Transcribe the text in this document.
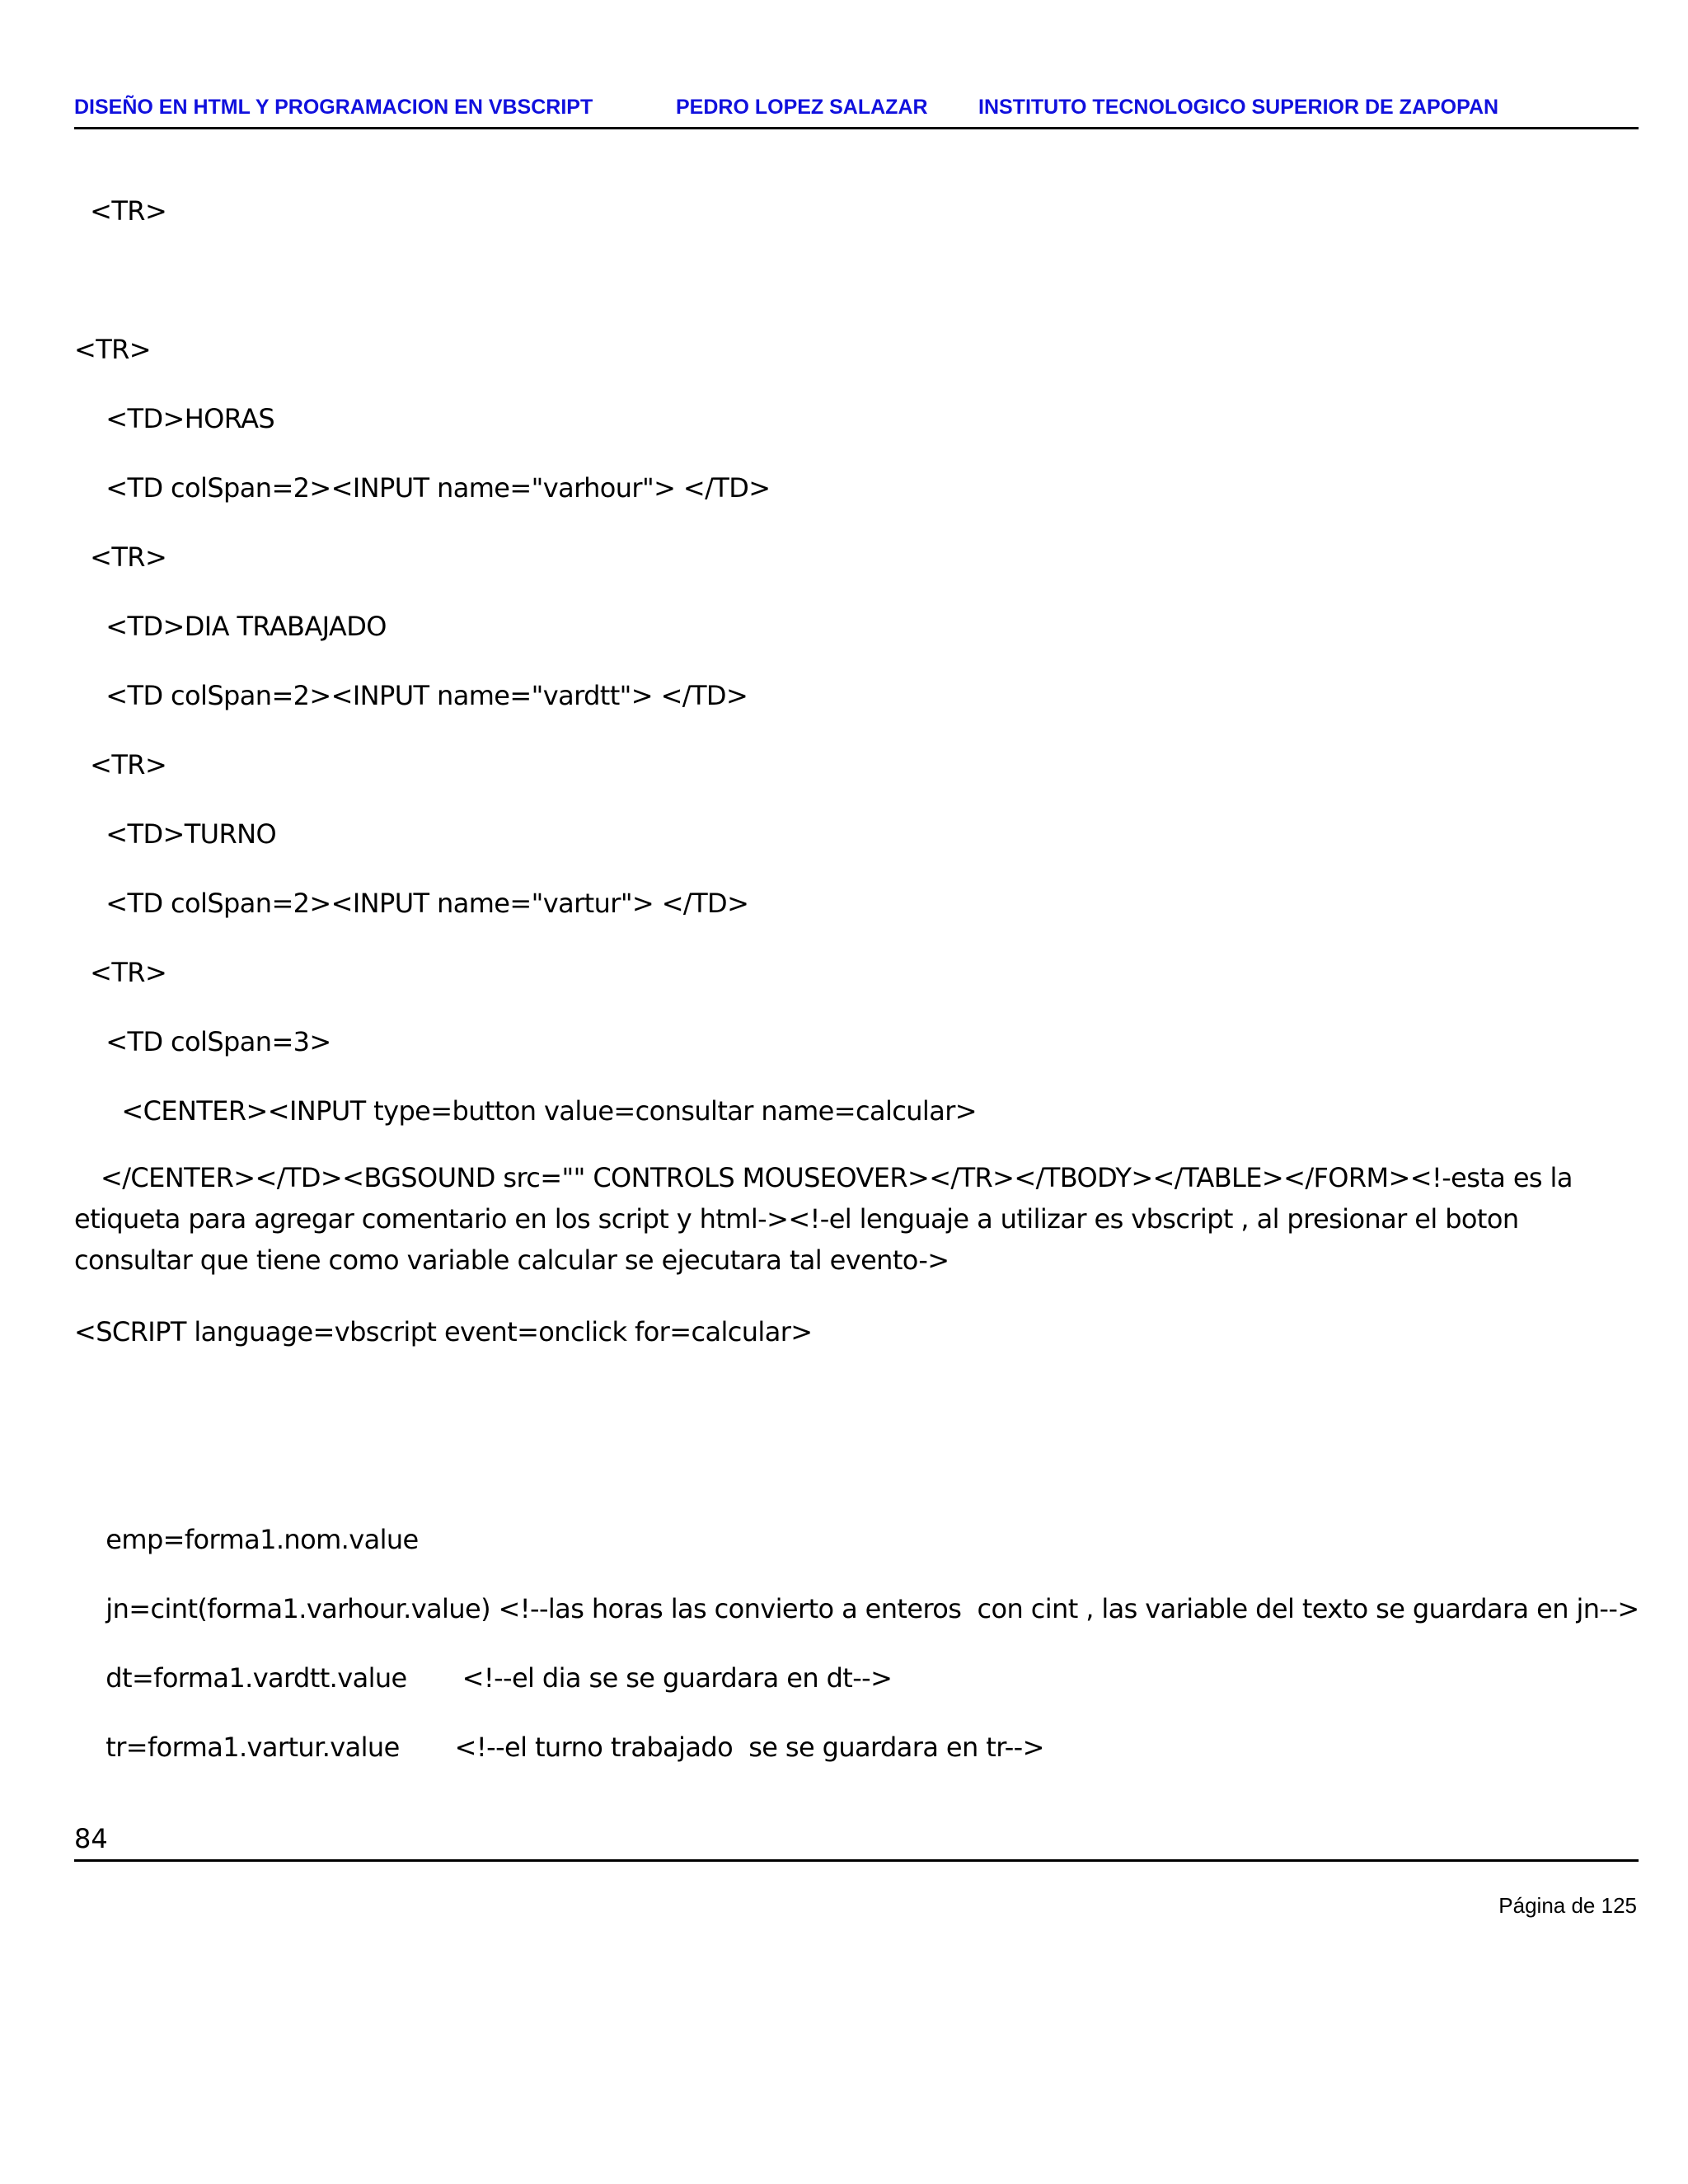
DISEÑO EN HTML Y PROGRAMACION EN VBSCRIPT	PEDRO LOPEZ SALAZAR INSTITUTO TECNOLOGICO SUPERIOR DE ZAPOPAN
<TR>
<TR>
<TD>HORAS
<TD colSpan=2><INPUT name="varhour"> </TD>
<TR>
<TD>DIA TRABAJADO
<TD colSpan=2><INPUT name="vardtt"> </TD>
<TR>
<TD>TURNO
<TD colSpan=2><INPUT name="vartur"> </TD>
<TR>
<TD colSpan=3>
<CENTER><INPUT type=button value=consultar name=calcular>
</CENTER></TD><BGSOUND src="" CONTROLS MOUSEOVER></TR></TBODY></TABLE></FORM><!-esta es la etiqueta para agregar comentario en los script y html-><!-el lenguaje a utilizar es vbscript , al presionar el boton consultar que tiene como variable calcular se ejecutara tal evento->
<SCRIPT language=vbscript event=onclick for=calcular>
emp=forma1.nom.value
jn=cint(forma1.varhour.value) <!--las horas las convierto a enteros  con cint , las variable del texto se guardara en jn-->
dt=forma1.vardtt.value       <!--el dia se se guardara en dt-->
tr=forma1.vartur.value       <!--el turno trabajado  se se guardara en tr-->
84
Página de 125
